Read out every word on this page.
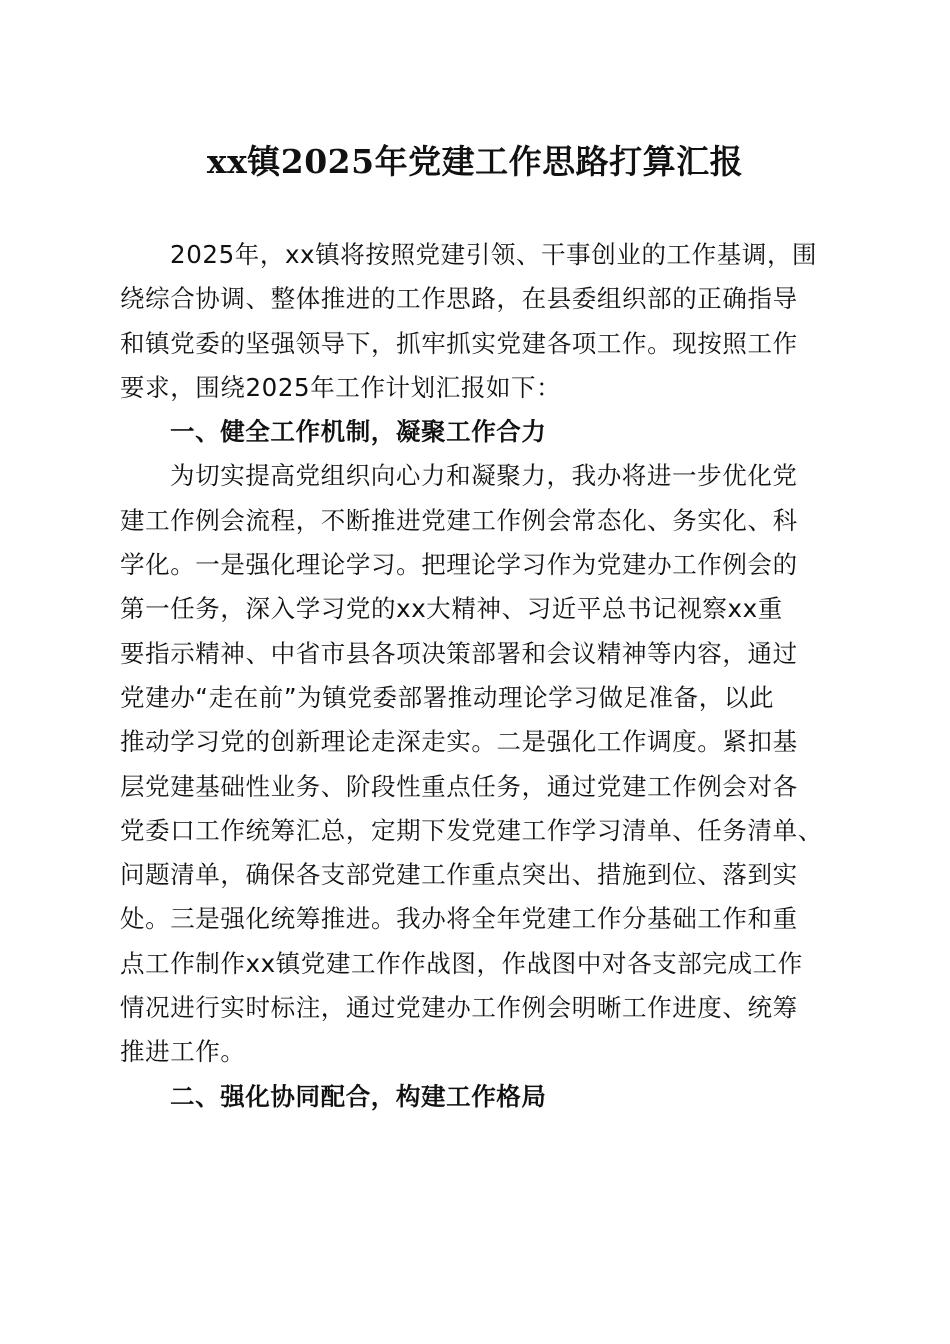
xx镇2025年党建工作思路打算汇报
2025年，xx镇将按照党建引领、干事创业的工作基调，围
绕综合协调、整体推进的工作思路，在县委组织部的正确指导
和镇党委的坚强领导下，抓牢抓实党建各项工作。现按照工作
要求，围绕2025年工作计划汇报如下：
一、健全工作机制，凝聚工作合力
为切实提高党组织向心力和凝聚力，我办将进一步优化党
建工作例会流程，不断推进党建工作例会常态化、务实化、科
学化。一是强化理论学习。把理论学习作为党建办工作例会的
第一任务，深入学习党的xx大精神、习近平总书记视察xx重
要指示精神、中省市县各项决策部署和会议精神等内容，通过
党建办“走在前”为镇党委部署推动理论学习做足准备，以此
推动学习党的创新理论走深走实。二是强化工作调度。紧扣基
层党建基础性业务、阶段性重点任务，通过党建工作例会对各
党委口工作统筹汇总，定期下发党建工作学习清单、任务清单、
问题清单，确保各支部党建工作重点突出、措施到位、落到实
处。三是强化统筹推进。我办将全年党建工作分基础工作和重
点工作制作xx镇党建工作作战图，作战图中对各支部完成工作
情况进行实时标注，通过党建办工作例会明晰工作进度、统筹
推进工作。
二、强化协同配合，构建工作格局
